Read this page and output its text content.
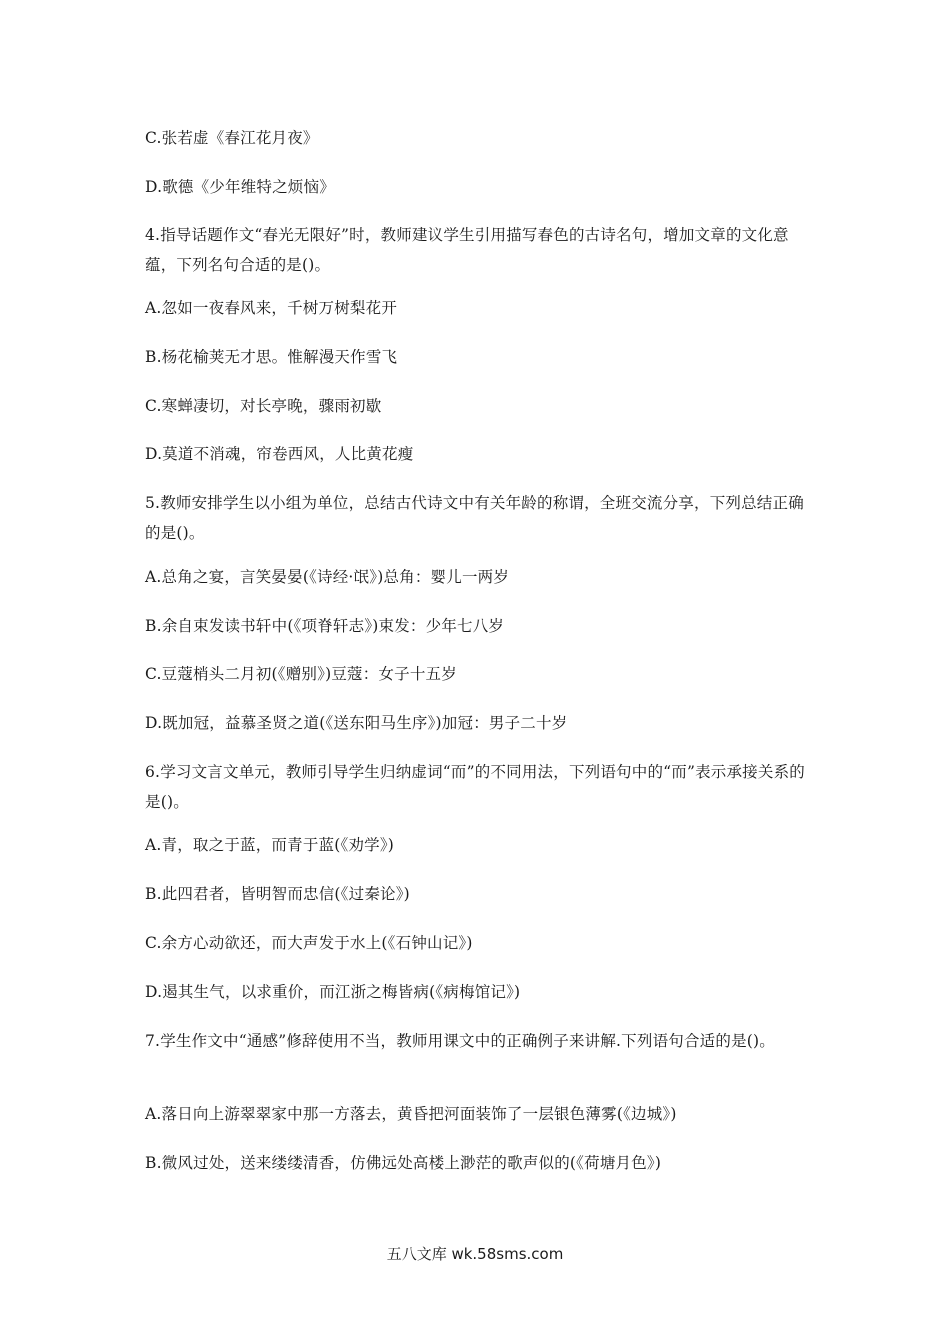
C.张若虚《春江花月夜》
D.歌德《少年维特之烦恼》
4.指导话题作文“春光无限好”时，教师建议学生引用描写春色的古诗名句，增加文章的文化意蕴，下列名句合适的是()。
A.忽如一夜春风来，千树万树梨花开
B.杨花榆荚无才思。惟解漫天作雪飞
C.寒蝉凄切，对长亭晚，骤雨初歇
D.莫道不消魂，帘卷西风，人比黄花瘦
5.教师安排学生以小组为单位，总结古代诗文中有关年龄的称谓，全班交流分享，下列总结正确的是()。
A.总角之宴，言笑晏晏(《诗经·氓》)总角：婴儿一两岁
B.余自束发读书轩中(《项脊轩志》)束发：少年七八岁
C.豆蔻梢头二月初(《赠别》)豆蔻：女子十五岁
D.既加冠，益慕圣贤之道(《送东阳马生序》)加冠：男子二十岁
6.学习文言文单元，教师引导学生归纳虚词“而”的不同用法，下列语句中的“而”表示承接关系的是()。
A.青，取之于蓝，而青于蓝(《劝学》)
B.此四君者，皆明智而忠信(《过秦论》)
C.余方心动欲还，而大声发于水上(《石钟山记》)
D.遏其生气，以求重价，而江浙之梅皆病(《病梅馆记》)
7.学生作文中“通感”修辞使用不当，教师用课文中的正确例子来讲解.下列语句合适的是()。
A.落日向上游翠翠家中那一方落去，黄昏把河面装饰了一层银色薄雾(《边城》)
B.微风过处，送来缕缕清香，仿佛远处高楼上渺茫的歌声似的(《荷塘月色》)
五八文库 wk.58sms.com
